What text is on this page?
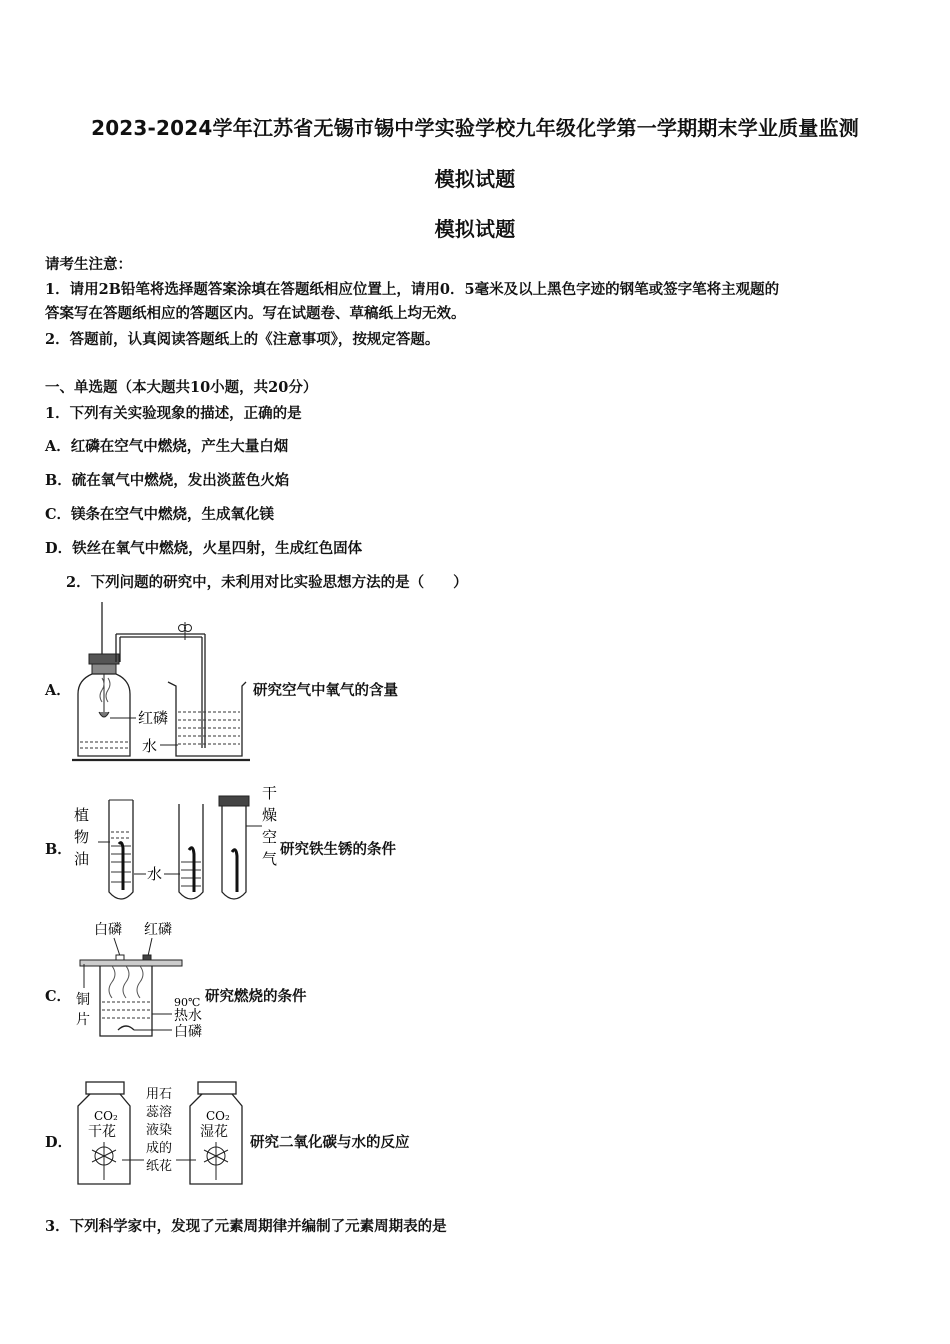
2023-2024学年江苏省无锡市锡中学实验学校九年级化学第一学期期末学业质量监测
模拟试题
模拟试题
请考生注意：
1．请用2B铅笔将选择题答案涂填在答题纸相应位置上，请用0．5毫米及以上黑色字迹的钢笔或签字笔将主观题的
答案写在答题纸相应的答题区内。写在试题卷、草稿纸上均无效。
2．答题前，认真阅读答题纸上的《注意事项》，按规定答题。
一、单选题（本大题共10小题，共20分）
1．下列有关实验现象的描述，正确的是
A．红磷在空气中燃烧，产生大量白烟
B．硫在氧气中燃烧，发出淡蓝色火焰
C．镁条在空气中燃烧，生成氧化镁
D．铁丝在氧气中燃烧，火星四射，生成红色固体
2．下列问题的研究中，未利用对比实验思想方法的是（　　）
A．
红磷
水
研究空气中氧气的含量
B．
植
物
油
水
干
燥
空
气
研究铁生锈的条件
C．
白磷 红磷
铜
片
90℃
热水
白磷
研究燃烧的条件
D．
CO₂
干花
用石
蕊溶
液染
成的
纸花
CO₂
湿花
研究二氧化碳与水的反应
3．下列科学家中，发现了元素周期律并编制了元素周期表的是
